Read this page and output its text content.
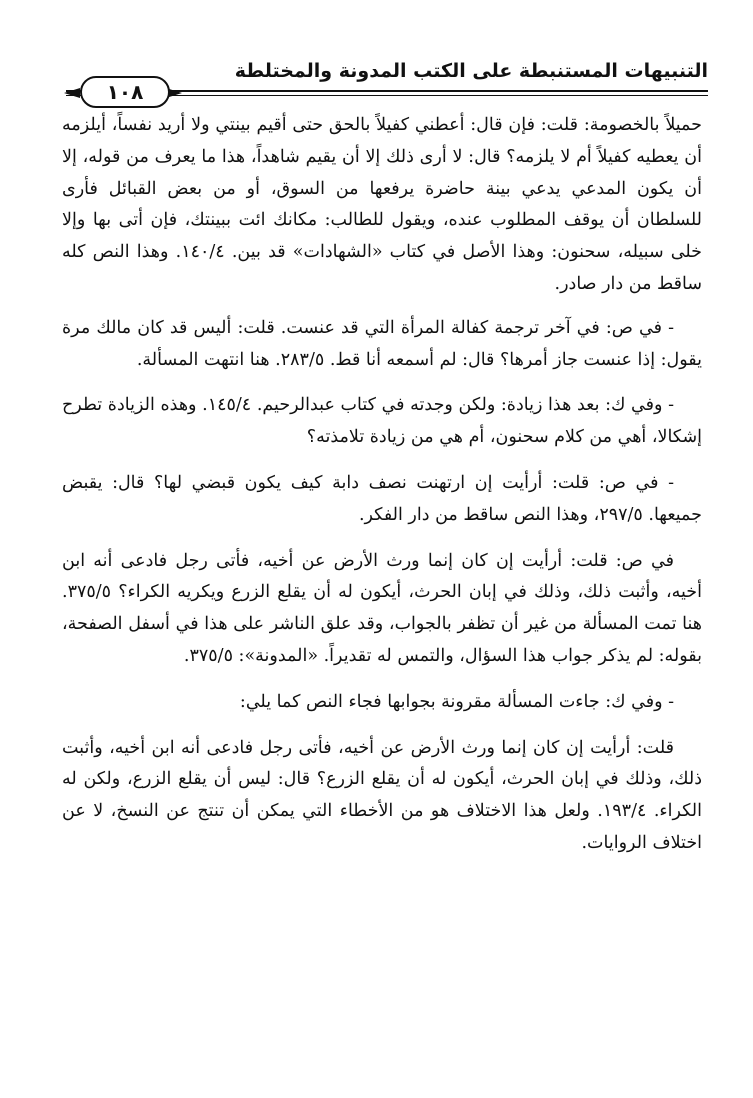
التنبيهات المستنبطة على الكتب المدونة والمختلطة
١٠٨

حميلاً بالخصومة: قلت: فإن قال: أعطني كفيلاً بالحق حتى أقيم بينتي ولا أريد نفساً، أيلزمه أن يعطيه كفيلاً أم لا يلزمه؟ قال: لا أرى ذلك إلا أن يقيم شاهداً، هذا ما يعرف من قوله، إلا أن يكون المدعي يدعي بينة حاضرة يرفعها من السوق، أو من بعض القبائل فأرى للسلطان أن يوقف المطلوب عنده، ويقول للطالب: مكانك ائت ببينتك، فإن أتى بها وإلا خلى سبيله، سحنون: وهذا الأصل في كتاب «الشهادات» قد بين. ١٤٠/٤. وهذا النص كله ساقط من دار صادر.

- في ص: في آخر ترجمة كفالة المرأة التي قد عنست. قلت: أليس قد كان مالك مرة يقول: إذا عنست جاز أمرها؟ قال: لم أسمعه أنا قط. ٢٨٣/٥. هنا انتهت المسألة.

- وفي ك: بعد هذا زيادة: ولكن وجدته في كتاب عبدالرحيم. ١٤٥/٤. وهذه الزيادة تطرح إشكالا، أهي من كلام سحنون، أم هي من زيادة تلامذته؟

- في ص: قلت: أرأيت إن ارتهنت نصف دابة كيف يكون قبضي لها؟ قال: يقبض جميعها. ٢٩٧/٥، وهذا النص ساقط من دار الفكر.

في ص: قلت: أرأيت إن كان إنما ورث الأرض عن أخيه، فأتى رجل فادعى أنه ابن أخيه، وأثبت ذلك، وذلك في إبان الحرث، أيكون له أن يقلع الزرع ويكريه الكراء؟ ٣٧٥/٥. هنا تمت المسألة من غير أن تظفر بالجواب، وقد علق الناشر على هذا في أسفل الصفحة، بقوله: لم يذكر جواب هذا السؤال، والتمس له تقديراً. «المدونة»: ٣٧٥/٥.

- وفي ك: جاءت المسألة مقرونة بجوابها فجاء النص كما يلي:

قلت: أرأيت إن كان إنما ورث الأرض عن أخيه، فأتى رجل فادعى أنه ابن أخيه، وأثبت ذلك، وذلك في إبان الحرث، أيكون له أن يقلع الزرع؟ قال: ليس أن يقلع الزرع، ولكن له الكراء. ١٩٣/٤. ولعل هذا الاختلاف هو من الأخطاء التي يمكن أن تنتج عن النسخ، لا عن اختلاف الروايات.
